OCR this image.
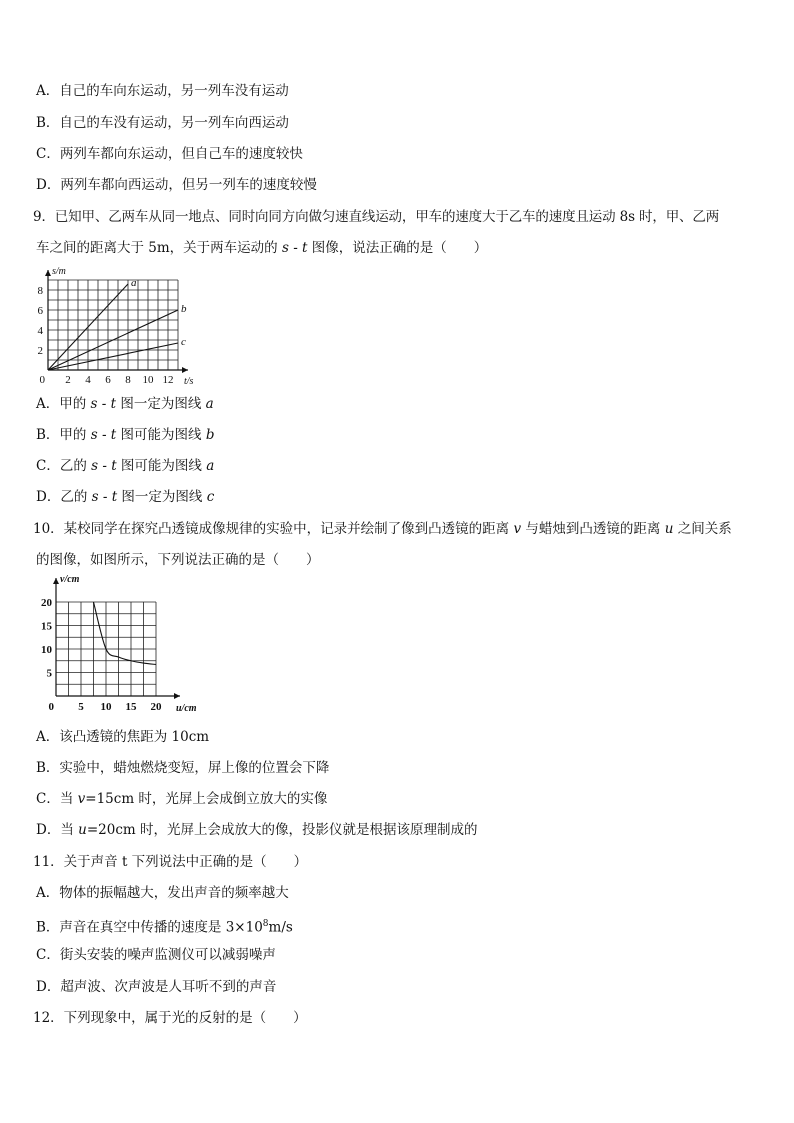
A．自己的车向东运动，另一列车没有运动
B．自己的车没有运动，另一列车向西运动
C．两列车都向东运动，但自己车的速度较快
D．两列车都向西运动，但另一列车的速度较慢
9．已知甲、乙两车从同一地点、同时向同方向做匀速直线运动，甲车的速度大于乙车的速度且运动 8s 时，甲、乙两
车之间的距离大于 5m，关于两车运动的 s - t 图像，说法正确的是（　　）
a
b
c
2 4 6 8 10 12
2
4
6
8
0
s/m
t/s
A．甲的 s - t 图一定为图线 a
B．甲的 s - t 图可能为图线 b
C．乙的 s - t 图可能为图线 a
D．乙的 s - t 图一定为图线 c
10．某校同学在探究凸透镜成像规律的实验中，记录并绘制了像到凸透镜的距离 v 与蜡烛到凸透镜的距离 u 之间关系
的图像，如图所示，下列说法正确的是（　　）
5 10 15 20
5
10
15
20
0
v/cm
u/cm
A．该凸透镜的焦距为 10cm
B．实验中，蜡烛燃烧变短，屏上像的位置会下降
C．当 v=15cm 时，光屏上会成倒立放大的实像
D．当 u=20cm 时，光屏上会成放大的像，投影仪就是根据该原理制成的
11．关于声音 t 下列说法中正确的是（　　）
A．物体的振幅越大，发出声音的频率越大
B．声音在真空中传播的速度是 $3\times 10^8m/s$
C．街头安装的噪声监测仪可以减弱噪声
D．超声波、次声波是人耳听不到的声音
12．下列现象中，属于光的反射的是（　　）
